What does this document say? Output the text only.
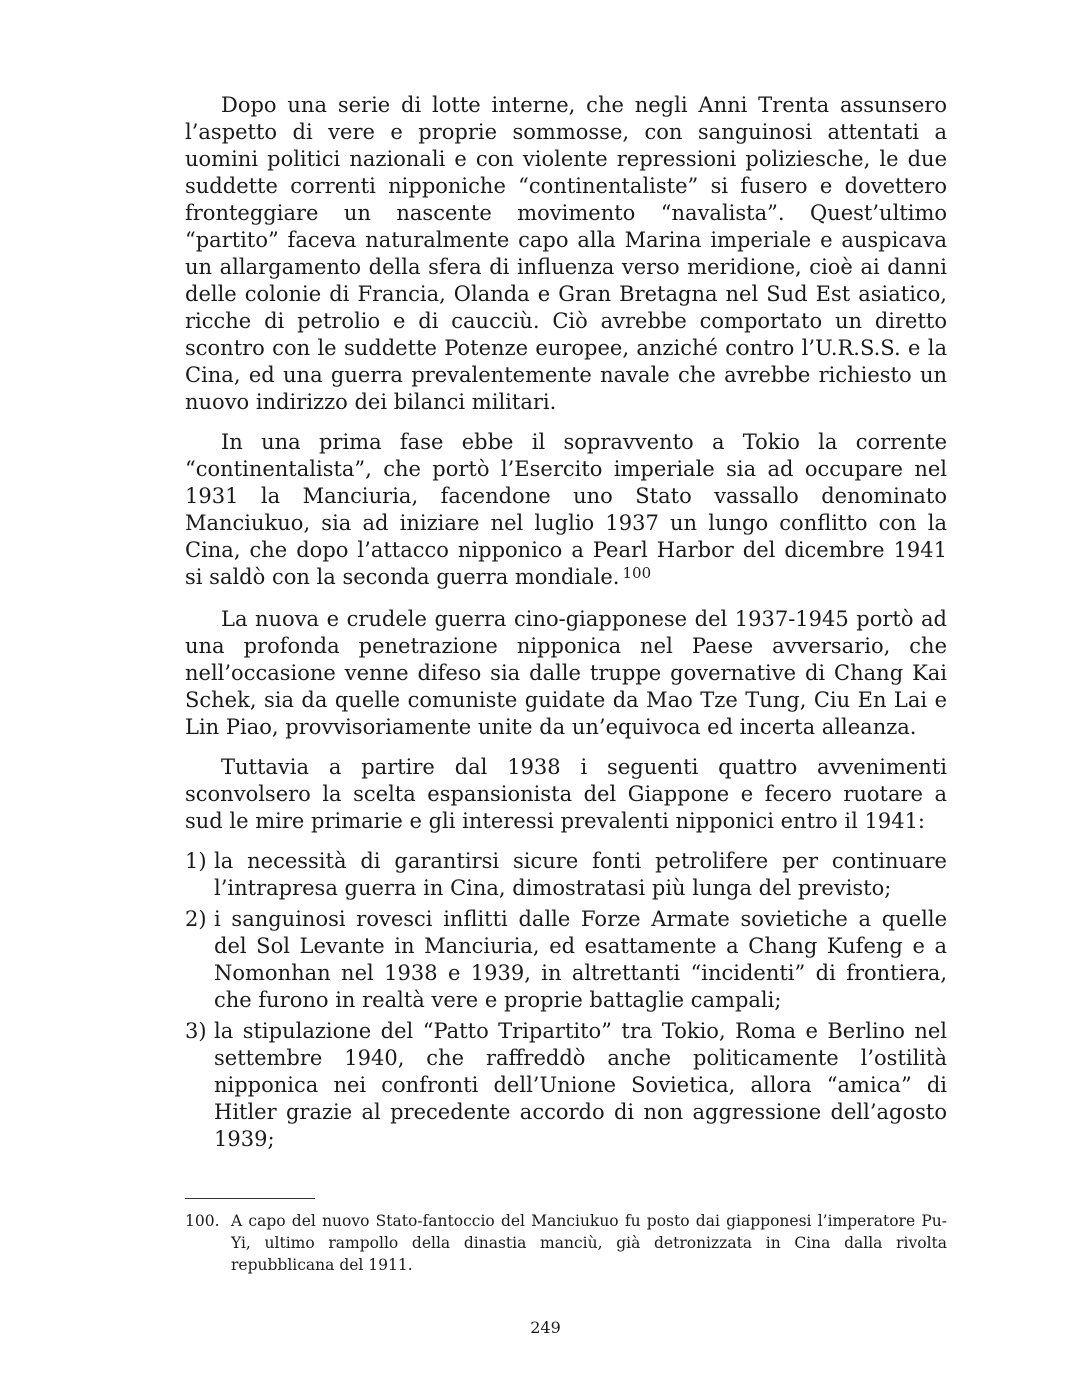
Dopo una serie di lotte interne, che negli Anni Trenta assunsero l’aspetto di vere e proprie sommosse, con sanguinosi attentati a uomini politici nazionali e con violente repressioni poliziesche, le due suddette correnti nipponiche “continentaliste” si fusero e dovettero fronteggiare un nascente movimento “navalista”. Quest’ultimo “partito” faceva naturalmente capo alla Marina imperiale e auspicava un allargamento della sfera di influenza verso meridione, cioè ai danni delle colonie di Francia, Olanda e Gran Bretagna nel Sud Est asiatico, ricche di petrolio e di caucciù. Ciò avrebbe comportato un diretto scontro con le suddette Potenze europee, anziché contro l’U.R.S.S. e la Cina, ed una guerra prevalentemente navale che avrebbe richiesto un nuovo indirizzo dei bilanci militari.

In una prima fase ebbe il sopravvento a Tokio la corrente “continentalista”, che portò l’Esercito imperiale sia ad occupare nel 1931 la Manciuria, facendone uno Stato vassallo denominato Manciukuo, sia ad iniziare nel luglio 1937 un lungo conflitto con la Cina, che dopo l’attacco nipponico a Pearl Harbor del dicembre 1941 si saldò con la seconda guerra mondiale. $^{100}$

La nuova e crudele guerra cino-giapponese del 1937-1945 portò ad una profonda penetrazione nipponica nel Paese avversario, che nell’occasione venne difeso sia dalle truppe governative di Chang Kai Schek, sia da quelle comuniste guidate da Mao Tze Tung, Ciu En Lai e Lin Piao, provvisoriamente unite da un’equivoca ed incerta alleanza.

Tuttavia a partire dal 1938 i seguenti quattro avvenimenti sconvolsero la scelta espansionista del Giappone e fecero ruotare a sud le mire primarie e gli interessi prevalenti nipponici entro il 1941:

1) la necessità di garantirsi sicure fonti petrolifere per continuare l’intrapresa guerra in Cina, dimostratasi più lunga del previsto;
2) i sanguinosi rovesci inflitti dalle Forze Armate sovietiche a quelle del Sol Levante in Manciuria, ed esattamente a Chang Kufeng e a Nomonhan nel 1938 e 1939, in altrettanti “incidenti” di frontiera, che furono in realtà vere e proprie battaglie campali;
3) la stipulazione del “Patto Tripartito” tra Tokio, Roma e Berlino nel settembre 1940, che raffreddò anche politicamente l’ostilità nipponica nei confronti dell’Unione Sovietica, allora “amica” di Hitler grazie al precedente accordo di non aggressione dell’agosto 1939;
100. A capo del nuovo Stato-fantoccio del Manciukuo fu posto dai giapponesi l’imperatore Pu-Yi, ultimo rampollo della dinastia manciù, già detronizzata in Cina dalla rivolta repubblicana del 1911.
249
